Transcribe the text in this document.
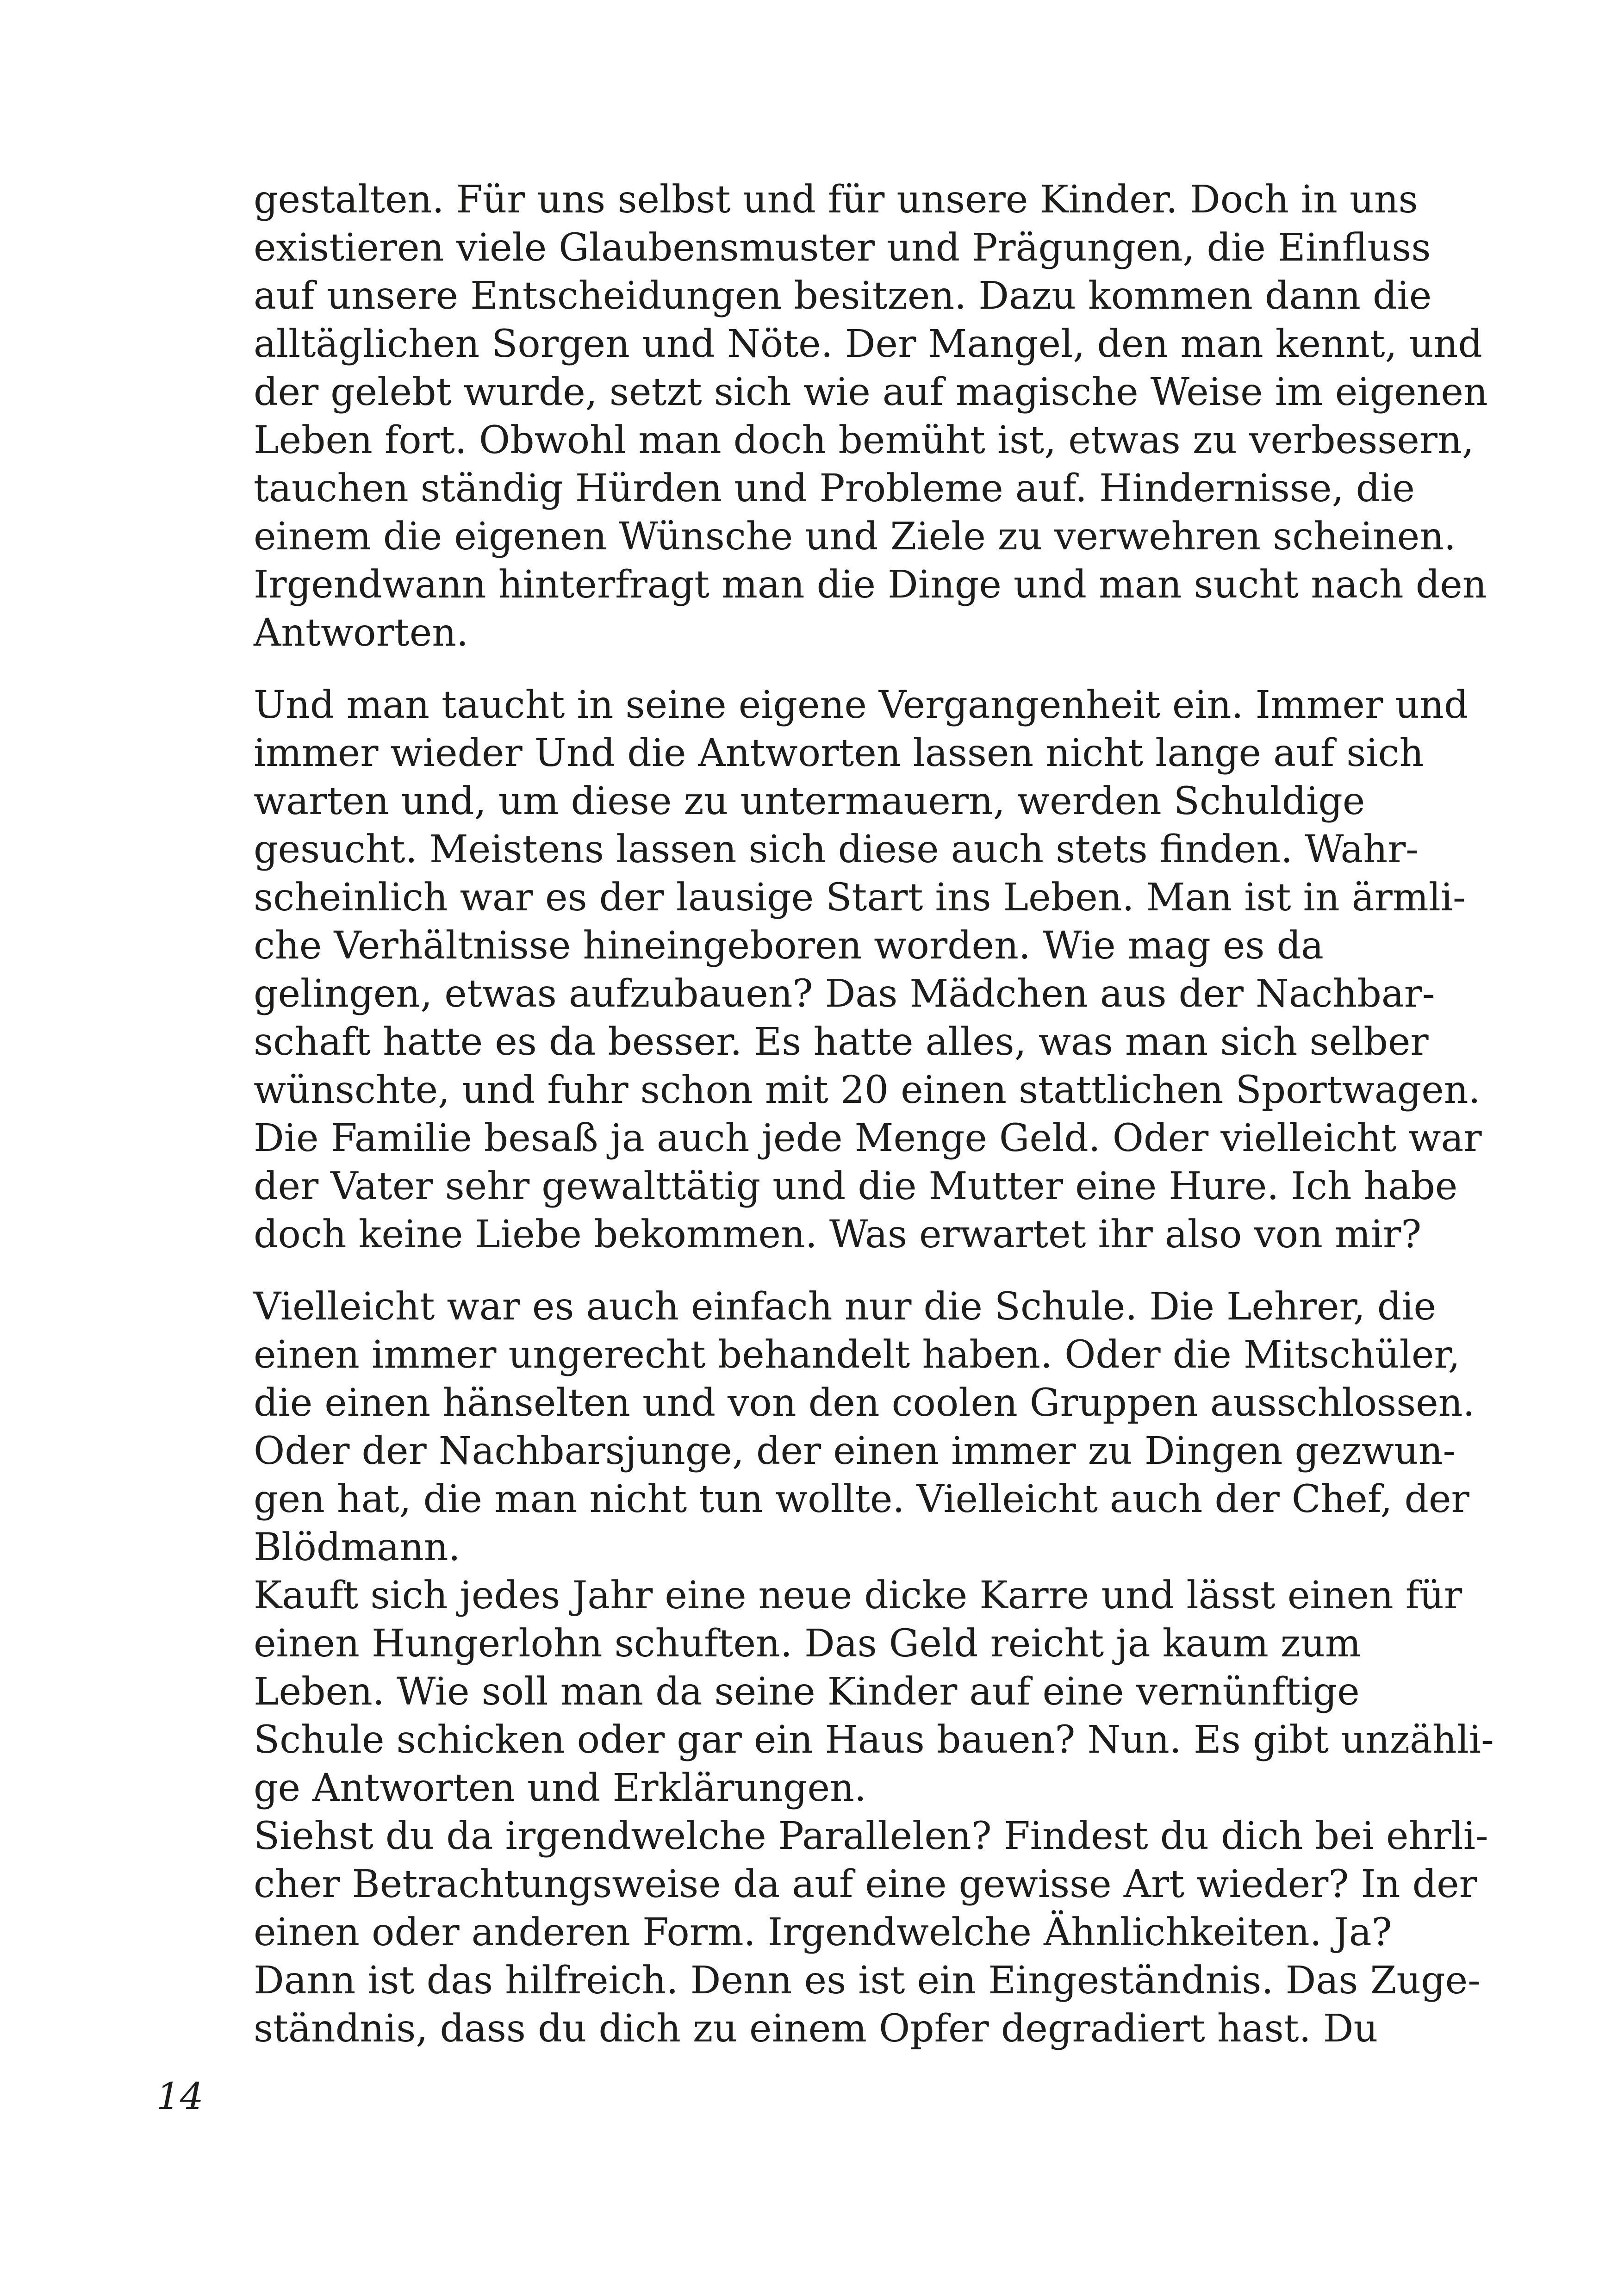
gestalten. Für uns selbst und für unsere Kinder. Doch in uns
existieren viele Glaubensmuster und Prägungen, die Einfluss
auf unsere Entscheidungen besitzen. Dazu kommen dann die
alltäglichen Sorgen und Nöte. Der Mangel, den man kennt, und
der gelebt wurde, setzt sich wie auf magische Weise im eigenen
Leben fort. Obwohl man doch bemüht ist, etwas zu verbessern,
tauchen ständig Hürden und Probleme auf. Hindernisse, die
einem die eigenen Wünsche und Ziele zu verwehren scheinen.
Irgendwann hinterfragt man die Dinge und man sucht nach den
Antworten.
Und man taucht in seine eigene Vergangenheit ein. Immer und
immer wieder Und die Antworten lassen nicht lange auf sich
warten und, um diese zu untermauern, werden Schuldige
gesucht. Meistens lassen sich diese auch stets finden. Wahr-
scheinlich war es der lausige Start ins Leben. Man ist in ärmli-
che Verhältnisse hineingeboren worden. Wie mag es da
gelingen, etwas aufzubauen? Das Mädchen aus der Nachbar-
schaft hatte es da besser. Es hatte alles, was man sich selber
wünschte, und fuhr schon mit 20 einen stattlichen Sportwagen.
Die Familie besaß ja auch jede Menge Geld. Oder vielleicht war
der Vater sehr gewalttätig und die Mutter eine Hure. Ich habe
doch keine Liebe bekommen. Was erwartet ihr also von mir?
Vielleicht war es auch einfach nur die Schule. Die Lehrer, die
einen immer ungerecht behandelt haben. Oder die Mitschüler,
die einen hänselten und von den coolen Gruppen ausschlossen.
Oder der Nachbarsjunge, der einen immer zu Dingen gezwun-
gen hat, die man nicht tun wollte. Vielleicht auch der Chef, der
Blödmann.
Kauft sich jedes Jahr eine neue dicke Karre und lässt einen für
einen Hungerlohn schuften. Das Geld reicht ja kaum zum
Leben. Wie soll man da seine Kinder auf eine vernünftige
Schule schicken oder gar ein Haus bauen? Nun. Es gibt unzähli-
ge Antworten und Erklärungen.
Siehst du da irgendwelche Parallelen? Findest du dich bei ehrli-
cher Betrachtungsweise da auf eine gewisse Art wieder? In der
einen oder anderen Form. Irgendwelche Ähnlichkeiten. Ja?
Dann ist das hilfreich. Denn es ist ein Eingeständnis. Das Zuge-
ständnis, dass du dich zu einem Opfer degradiert hast. Du
14
